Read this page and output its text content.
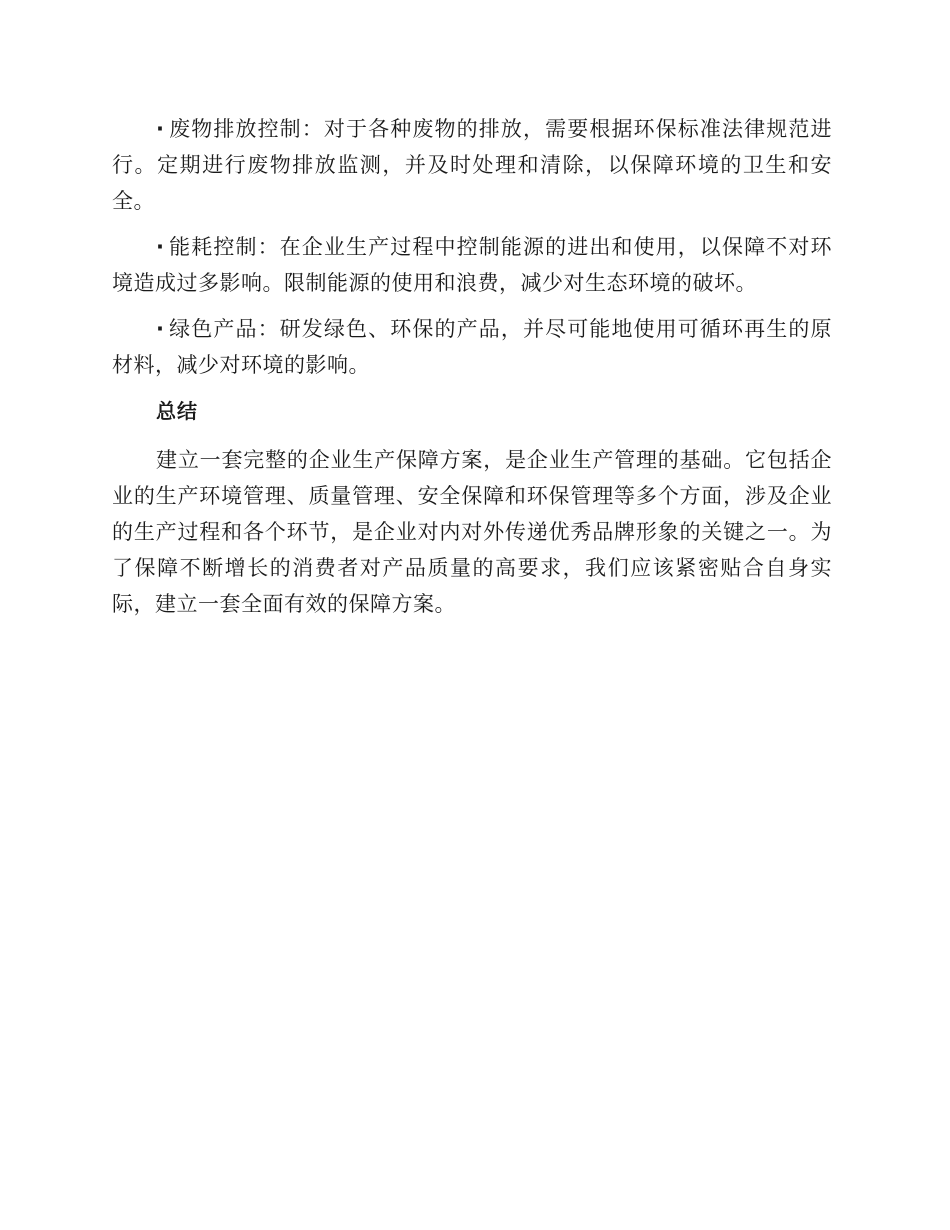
· 废物排放控制：对于各种废物的排放，需要根据环保标准法律规范进行。定期进行废物排放监测，并及时处理和清除，以保障环境的卫生和安全。

· 能耗控制：在企业生产过程中控制能源的进出和使用，以保障不对环境造成过多影响。限制能源的使用和浪费，减少对生态环境的破坏。

· 绿色产品：研发绿色、环保的产品，并尽可能地使用可循环再生的原材料，减少对环境的影响。

总结

建立一套完整的企业生产保障方案，是企业生产管理的基础。它包括企业的生产环境管理、质量管理、安全保障和环保管理等多个方面，涉及企业的生产过程和各个环节，是企业对内对外传递优秀品牌形象的关键之一。为了保障不断增长的消费者对产品质量的高要求，我们应该紧密贴合自身实际，建立一套全面有效的保障方案。
